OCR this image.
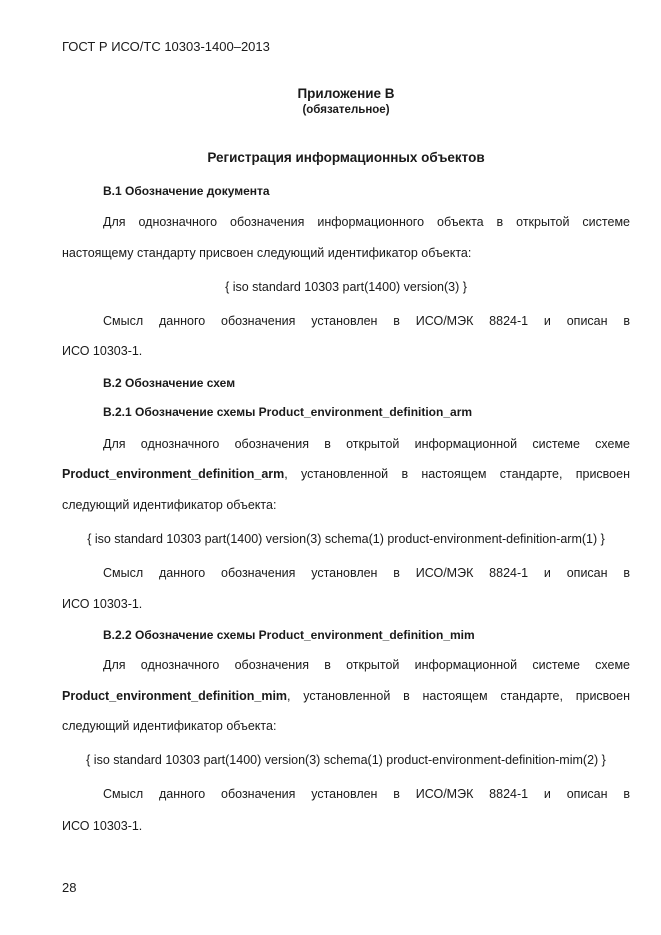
ГОСТ Р ИСО/ТС 10303-1400–2013
Приложение В
(обязательное)
Регистрация информационных объектов
В.1 Обозначение документа
Для однозначного обозначения информационного объекта в открытой системе
настоящему стандарту присвоен следующий идентификатор объекта:
{ iso standard 10303 part(1400) version(3) }
Смысл данного обозначения установлен в ИСО/МЭК 8824-1 и описан в
ИСО 10303-1.
В.2 Обозначение схем
В.2.1 Обозначение схемы Product_environment_definition_arm
Для однозначного обозначения в открытой информационной системе схеме
Product_environment_definition_arm, установленной в настоящем стандарте, присвоен
следующий идентификатор объекта:
{ iso standard 10303 part(1400) version(3) schema(1) product-environment-definition-arm(1) }
Смысл данного обозначения установлен в ИСО/МЭК 8824-1 и описан в
ИСО 10303-1.
В.2.2 Обозначение схемы Product_environment_definition_mim
Для однозначного обозначения в открытой информационной системе схеме
Product_environment_definition_mim, установленной в настоящем стандарте, присвоен
следующий идентификатор объекта:
{ iso standard 10303 part(1400) version(3) schema(1) product-environment-definition-mim(2) }
Смысл данного обозначения установлен в ИСО/МЭК 8824-1 и описан в
ИСО 10303-1.
28
